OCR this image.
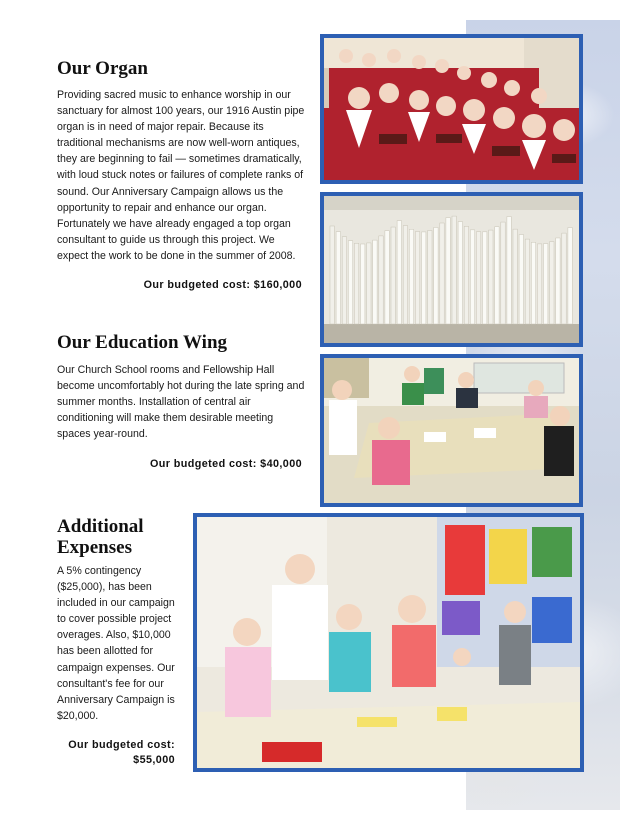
Our Organ

Providing sacred music to enhance worship in our sanctuary for almost 100 years, our 1916 Austin pipe organ is in need of major repair. Because its traditional mechanisms are now well-worn antiques, they are beginning to fail — sometimes dramatically, with loud stuck notes or failures of complete ranks of sound. Our Anniversary Campaign allows us the opportunity to repair and enhance our organ. Fortunately we have already engaged a top organ consultant to guide us through this project. We expect the work to be done in the summer of 2008.

Our budgeted cost: $160,000

Our Education Wing

Our Church School rooms and Fellowship Hall become uncomfortably hot during the late spring and summer months. Installation of central air conditioning will make them desirable meeting spaces year-round.

Our budgeted cost: $40,000

Additional
Expenses

A 5% contingency ($25,000), has been included in our campaign to cover possible project overages. Also, $10,000 has been allotted for campaign expenses. Our consultant's fee for our Anniversary Campaign is $20,000.

Our budgeted cost:
$55,000
